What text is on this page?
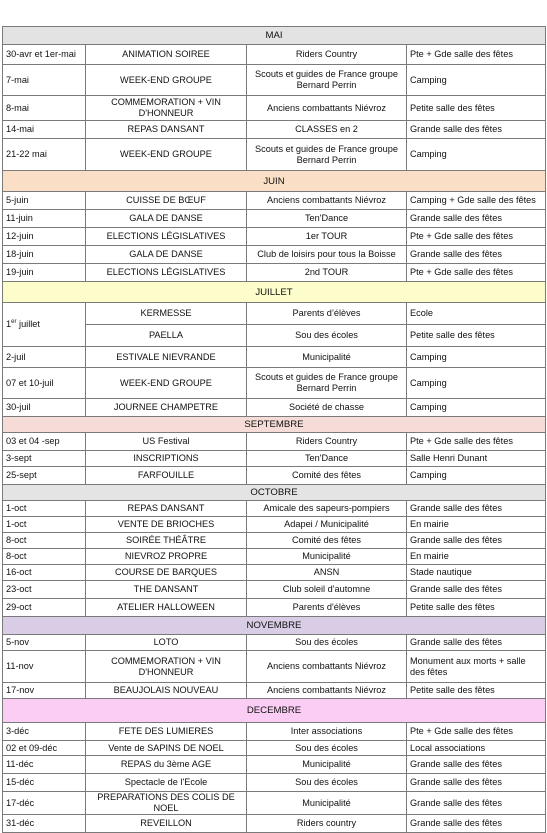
MAI			
30-avr et 1er-mai	ANIMATION SOIREE	Riders Country	Pte + Gde salle des fêtes
7-mai	WEEK-END GROUPE	Scouts et guides de France groupe Bernard Perrin	Camping
8-mai	COMMEMORATION + VIN D'HONNEUR	Anciens combattants Niévroz	Petite salle des fêtes
14-mai	REPAS DANSANT	CLASSES en 2	Grande salle des fêtes
21-22 mai	WEEK-END GROUPE	Scouts et guides de France groupe Bernard Perrin	Camping
JUIN			
5-juin	CUISSE DE BŒUF	Anciens combattants Niévroz	Camping + Gde salle des fêtes
11-juin	GALA DE DANSE	Ten'Dance	Grande salle des fêtes
12-juin	ELECTIONS LÉGISLATIVES	1er TOUR	Pte + Gde salle des fêtes
18-juin	GALA DE DANSE	Club de loisirs pour tous la Boisse	Grande salle des fêtes
19-juin	ELECTIONS LÉGISLATIVES	2nd TOUR	Pte + Gde salle des fêtes
JUILLET			
1er juillet	KERMESSE	Parents d’élèves	Ecole
	PAELLA	Sou des écoles	Petite salle des fêtes
2-juil	ESTIVALE NIEVRANDE	Municipalité	Camping
07 et 10-juil	WEEK-END GROUPE	Scouts et guides de France groupe Bernard Perrin	Camping
30-juil	JOURNEE CHAMPETRE	Société de chasse	Camping
SEPTEMBRE			
03 et 04 -sep	US Festival	Riders Country	Pte + Gde salle des fêtes
3-sept	INSCRIPTIONS	Ten'Dance	Salle Henri Dunant
25-sept	FARFOUILLE	Comité des fêtes	Camping
OCTOBRE			
1-oct	REPAS DANSANT	Amicale des sapeurs-pompiers	Grande salle des fêtes
1-oct	VENTE DE BRIOCHES	Adapei / Municipalité	En mairie
8-oct	SOIRÉE THÉÂTRE	Comité des fêtes	Grande salle des fêtes
8-oct	NIEVROZ PROPRE	Municipalité	En mairie
16-oct	COURSE DE BARQUES	ANSN	Stade nautique
23-oct	THE DANSANT	Club soleil d'automne	Grande salle des fêtes
29-oct	ATELIER HALLOWEEN	Parents d'élèves	Petite salle des fêtes
NOVEMBRE			
5-nov	LOTO	Sou des écoles	Grande salle des fêtes
11-nov	COMMEMORATION + VIN D'HONNEUR	Anciens combattants Niévroz	Monument aux morts + salle des fêtes
17-nov	BEAUJOLAIS NOUVEAU	Anciens combattants Niévroz	Petite salle des fêtes
DECEMBRE			
3-déc	FETE DES LUMIERES	Inter associations	Pte + Gde salle des fêtes
02 et 09-déc	Vente de SAPINS DE NOEL	Sou des écoles	Local associations
11-déc	REPAS du 3ème AGE	Municipalité	Grande salle des fêtes
15-déc	Spectacle de l'Ecole	Sou des écoles	Grande salle des fêtes
17-déc	PREPARATIONS DES COLIS DE NOEL	Municipalité	Grande salle des fêtes
31-déc	REVEILLON	Riders country	Grande salle des fêtes
